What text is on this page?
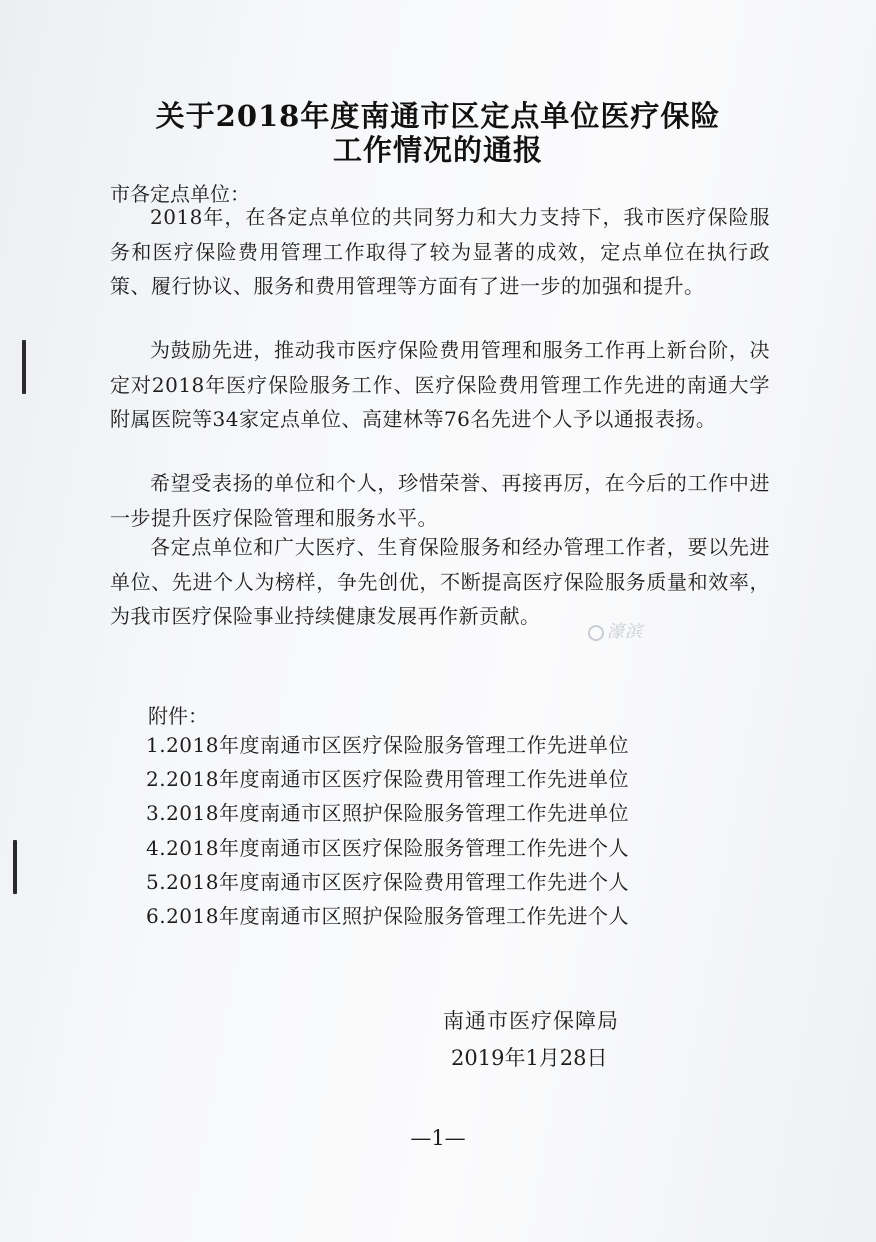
关于2018年度南通市区定点单位医疗保险
工作情况的通报
市各定点单位：
2018年，在各定点单位的共同努力和大力支持下，我市医疗保险服务和医疗保险费用管理工作取得了较为显著的成效，定点单位在执行政策、履行协议、服务和费用管理等方面有了进一步的加强和提升。
为鼓励先进，推动我市医疗保险费用管理和服务工作再上新台阶，决定对2018年医疗保险服务工作、医疗保险费用管理工作先进的南通大学附属医院等34家定点单位、高建林等76名先进个人予以通报表扬。
希望受表扬的单位和个人，珍惜荣誉、再接再厉，在今后的工作中进一步提升医疗保险管理和服务水平。
各定点单位和广大医疗、生育保险服务和经办管理工作者，要以先进单位、先进个人为榜样，争先创优，不断提高医疗保险服务质量和效率，为我市医疗保险事业持续健康发展再作新贡献。
濠滨
附件：
1.2018年度南通市区医疗保险服务管理工作先进单位
2.2018年度南通市区医疗保险费用管理工作先进单位
3.2018年度南通市区照护保险服务管理工作先进单位
4.2018年度南通市区医疗保险服务管理工作先进个人
5.2018年度南通市区医疗保险费用管理工作先进个人
6.2018年度南通市区照护保险服务管理工作先进个人
南通市医疗保障局
2019年1月28日
—1—
